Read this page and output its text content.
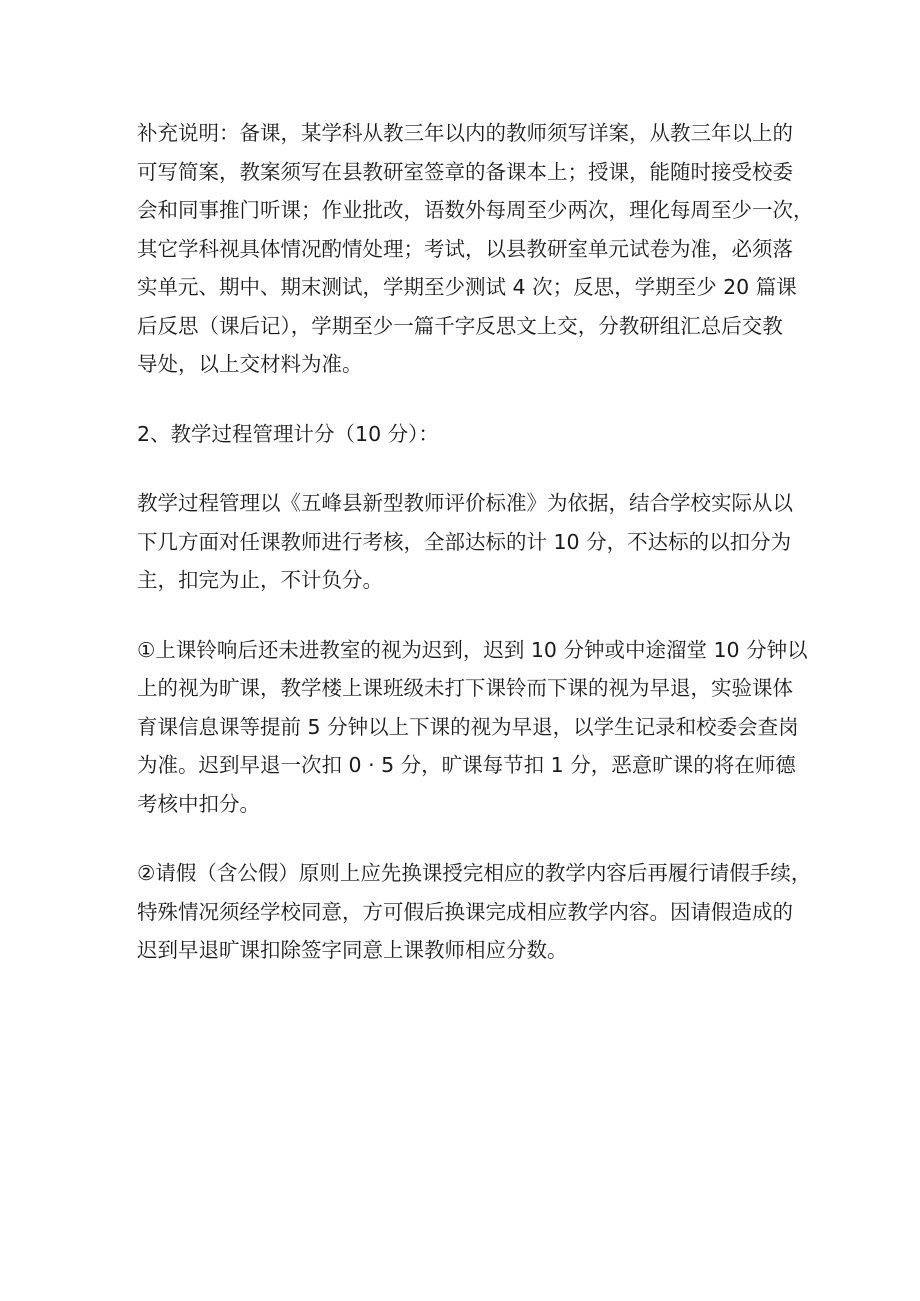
补充说明：备课，某学科从教三年以内的教师须写详案，从教三年以上的
可写简案，教案须写在县教研室签章的备课本上；授课，能随时接受校委
会和同事推门听课；作业批改，语数外每周至少两次，理化每周至少一次，
其它学科视具体情况酌情处理；考试，以县教研室单元试卷为准，必须落
实单元、期中、期末测试，学期至少测试 4 次；反思，学期至少 20 篇课
后反思（课后记），学期至少一篇千字反思文上交，分教研组汇总后交教
导处，以上交材料为准。

2、教学过程管理计分（10 分）：

教学过程管理以《五峰县新型教师评价标准》为依据，结合学校实际从以
下几方面对任课教师进行考核，全部达标的计 10 分，不达标的以扣分为
主，扣完为止，不计负分。

①上课铃响后还未进教室的视为迟到，迟到 10 分钟或中途溜堂 10 分钟以
上的视为旷课，教学楼上课班级未打下课铃而下课的视为早退，实验课体
育课信息课等提前 5 分钟以上下课的视为早退，以学生记录和校委会查岗
为准。迟到早退一次扣 0 · 5 分，旷课每节扣 1 分，恶意旷课的将在师德
考核中扣分。

②请假（含公假）原则上应先换课授完相应的教学内容后再履行请假手续，
特殊情况须经学校同意，方可假后换课完成相应教学内容。因请假造成的
迟到早退旷课扣除签字同意上课教师相应分数。
